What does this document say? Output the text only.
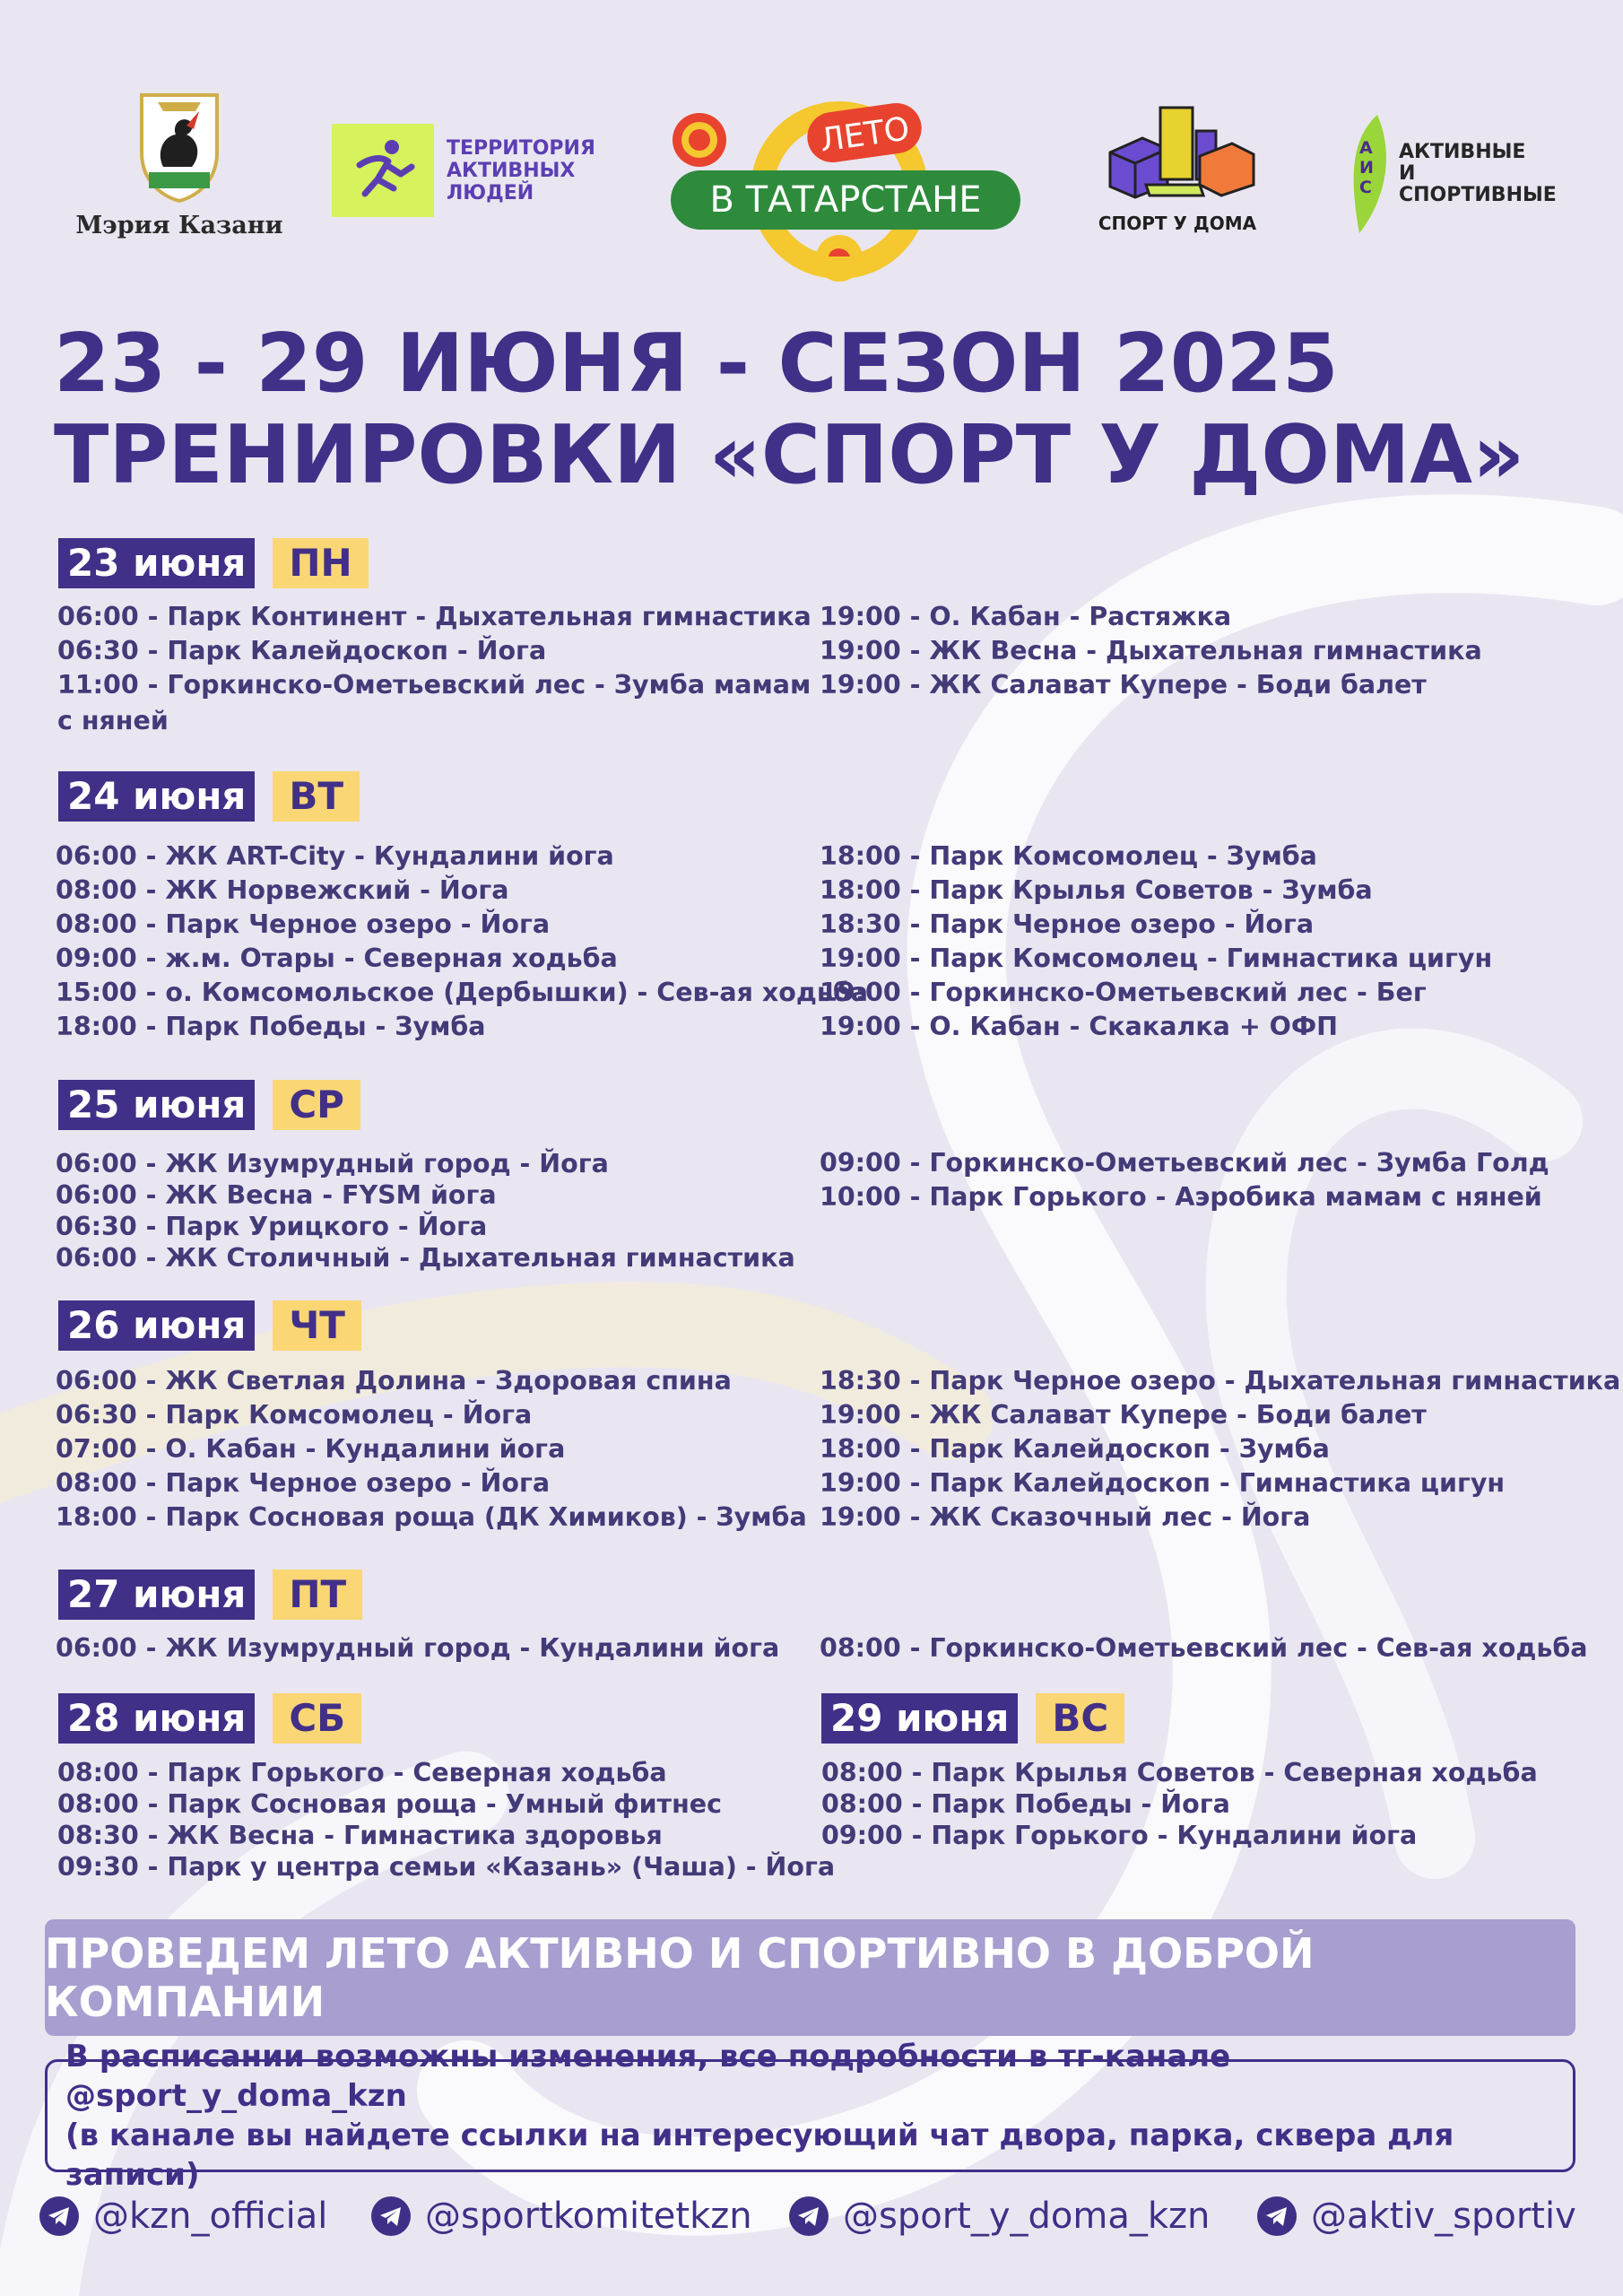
Мэрия Казани
ТЕРРИТОРИЯ
АКТИВНЫХ
ЛЮДЕЙ
ЛЕТО
В ТАТАРСТАНЕ
СПОРТ У ДОМА
А
И
С
АКТИВНЫЕ
И
СПОРТИВНЫЕ
23 - 29 ИЮНЯ - СЕЗОН 2025
ТРЕНИРОВКИ «СПОРТ У ДОМА»
23 июня	ПН
06:00 - Парк Континент - Дыхательная гимнастика
06:30 - Парк Калейдоскоп - Йога
11:00 - Горкинско-Ометьевский лес - Зумба мамам
с няней
19:00 - О. Кабан - Растяжка
19:00 - ЖК Весна - Дыхательная гимнастика
19:00 - ЖК Салават Купере - Боди балет
24 июня	ВТ
06:00 - ЖК ART-City - Кундалини йога
08:00 - ЖК Норвежский - Йога
08:00 - Парк Черное озеро - Йога
09:00 - ж.м. Отары - Северная ходьба
15:00 - о. Комсомольское (Дербышки) - Сев-ая ходьба
18:00 - Парк Победы - Зумба
18:00 - Парк Комсомолец - Зумба
18:00 - Парк Крылья Советов - Зумба
18:30 - Парк Черное озеро - Йога
19:00 - Парк Комсомолец - Гимнастика цигун
19:00 - Горкинско-Ометьевский лес - Бег
19:00 - О. Кабан - Скакалка + ОФП
25 июня	СР
06:00 - ЖК Изумрудный город - Йога
06:00 - ЖК Весна - FYSM йога
06:30 - Парк Урицкого - Йога
06:00 - ЖК Столичный - Дыхательная гимнастика
09:00 - Горкинско-Ометьевский лес - Зумба Голд
10:00 - Парк Горького - Аэробика мамам с няней
26 июня	ЧТ
06:00 - ЖК Светлая Долина - Здоровая спина
06:30 - Парк Комсомолец - Йога
07:00 - О. Кабан - Кундалини йога
08:00 - Парк Черное озеро - Йога
18:00 - Парк Сосновая роща (ДК Химиков) - Зумба
18:30 - Парк Черное озеро - Дыхательная гимнастика
19:00 - ЖК Салават Купере - Боди балет
18:00 - Парк Калейдоскоп - Зумба
19:00 - Парк Калейдоскоп - Гимнастика цигун
19:00 - ЖК Сказочный лес - Йога
27 июня	ПТ
06:00 - ЖК Изумрудный город - Кундалини йога 08:00 - Горкинско-Ометьевский лес - Сев-ая ходьба
28 июня	СБ
08:00 - Парк Горького - Северная ходьба
08:00 - Парк Сосновая роща - Умный фитнес
08:30 - ЖК Весна - Гимнастика здоровья
09:30 - Парк у центра семьи «Казань» (Чаша) - Йога
29 июня	ВС
08:00 - Парк Крылья Советов - Северная ходьба
08:00 - Парк Победы - Йога
09:00 - Парк Горького - Кундалини йога
ПРОВЕДЕМ ЛЕТО АКТИВНО И СПОРТИВНО В ДОБРОЙ КОМПАНИИ
В расписании возможны изменения, все подробности в тг-канале @sport_y_doma_kzn
(в канале вы найдете ссылки на интересующий чат двора, парка, сквера для записи)
@kzn_official	@sportkomitetkzn	@sport_y_doma_kzn	@aktiv_sportiv
